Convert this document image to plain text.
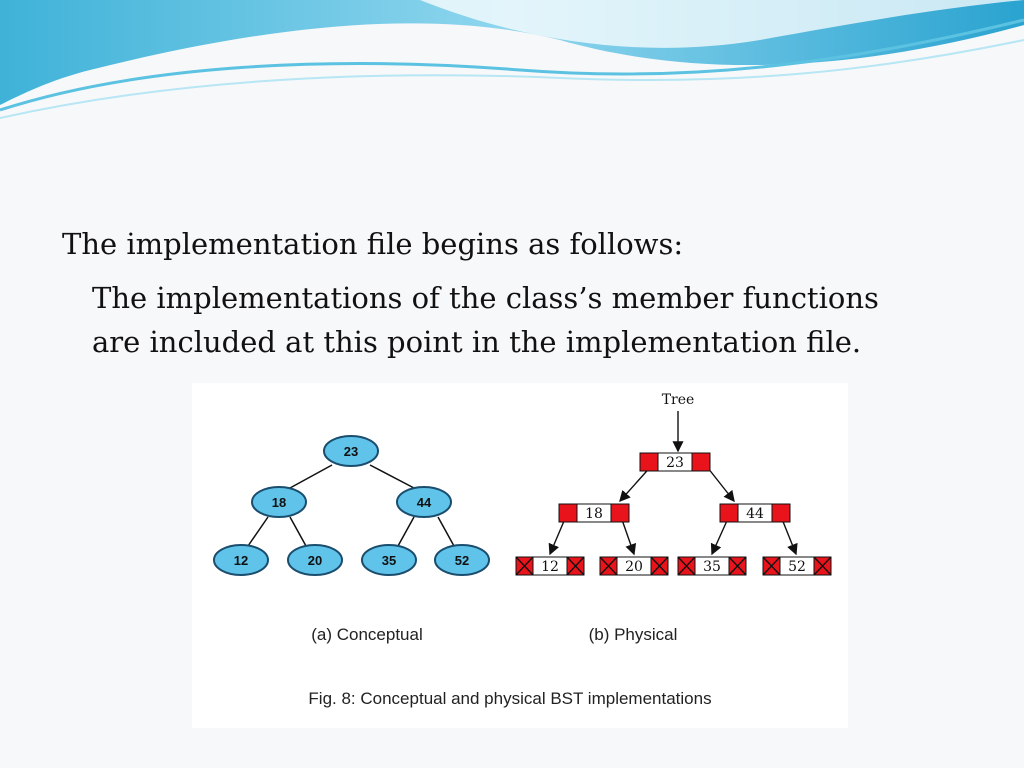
The implementation file begins as follows:
The implementations of the class’s member functions
are included at this point in the implementation file.
23
18	44
12	20	35	52
Tree
23
18	44
12	20	35	52
(a) Conceptual	(b) Physical
Fig. 8: Conceptual and physical BST implementations
